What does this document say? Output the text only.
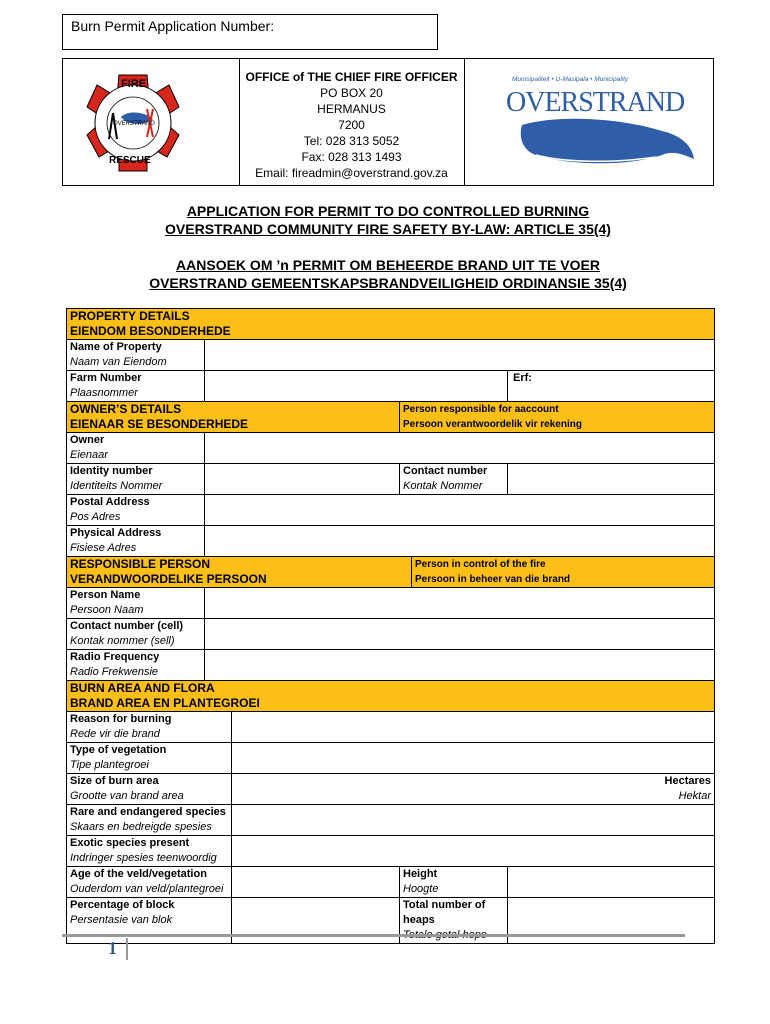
Burn Permit Application Number:
FIRE
RESCUE
OVERSTRAND
OFFICE of THE CHIEF FIRE OFFICER
PO BOX 20
HERMANUS
7200
Tel: 028 313 5052
Fax: 028 313 1493
Email: fireadmin@overstrand.gov.za
Munisipaliteit • U-Masipala • Municipality
OVERSTRAND
APPLICATION FOR PERMIT TO DO CONTROLLED BURNING
OVERSTRAND COMMUNITY FIRE SAFETY BY-LAW: ARTICLE 35(4)
AANSOEK OM ’n PERMIT OM BEHEERDE BRAND UIT TE VOER
OVERSTRAND GEMEENTSKAPSBRANDVEILIGHEID ORDINANSIE 35(4)
PROPERTY DETAILS
EIENDOM BESONDERHEDE					

Name of Property
Naam van Eiendom					

Farm Number
Plaasnommer					Erf:

OWNER’S DETAILS
EIENAAR SE BESONDERHEDE			Person responsible for aaccount
Persoon verantwoordelik vir rekening		

Owner
Eienaar					

Identity number
Identiteits Nommer			Contact number
Kontak Nommer		

Postal Address
Pos Adres					

Physical Address
Fisiese Adres					

RESPONSIBLE PERSON
VERANDWOORDELIKE PERSOON				Person in control of the fire
Persoon in beheer van die brand	

Person Name
Persoon Naam					

Contact number (cell)
Kontak nommer (sell)					

Radio Frequency
Radio Frekwensie					

BURN AREA AND FLORA
BRAND AREA EN PLANTEGROEI					

Reason for burning
Rede vir die brand					

Type of vegetation
Tipe plantegroei					

Size of burn area
Grootte van brand area		Hectares
Hektar			

Rare and endangered species
Skaars en bedreigde spesies					

Exotic species present
Indringer spesies teenwoordig					

Age of the veld/vegetation
Ouderdom van veld/plantegroei			Height
Hoogte		

Percentage of block
Persentasie van blok			Total number of heaps		

1
